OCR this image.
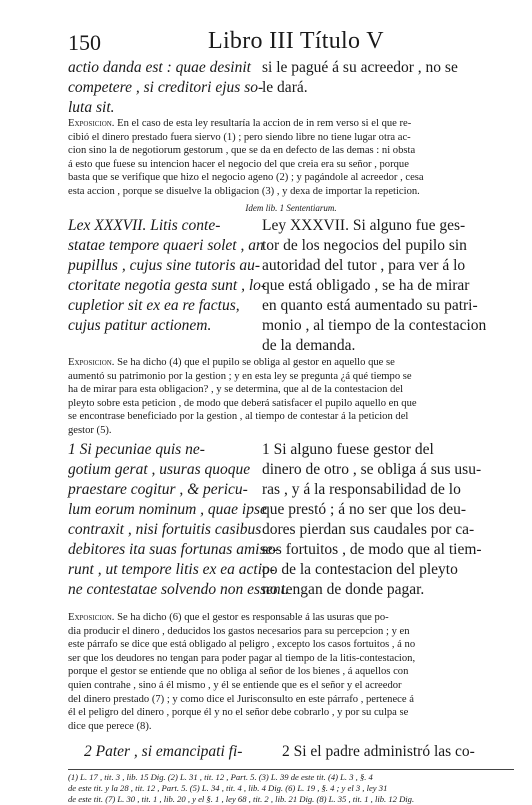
150	Libro III Título V
actio danda est : quae desinit
competere , si creditori ejus so-
luta sit.
si le pagué á su acreedor , no se
le dará.
Exposicion. En el caso de esta ley resultaría la accion de in rem verso si el que re-
cibió el dinero prestado fuera siervo (1) ; pero siendo libre no tiene lugar otra ac-
cion sino la de negotiorum gestorum , que se da en defecto de las demas : ni obsta
á esto que fuese su intencion hacer el negocio del que creia era su señor , porque
basta que se verifique que hizo el negocio ageno (2) ; y pagándole al acreedor , cesa
esta accion , porque se disuelve la obligacion (3) , y dexa de importar la repeticion.
Idem lib. 1 Sententiarum.
Lex XXXVII. Litis conte-
statae tempore quaeri solet , an
pupillus , cujus sine tutoris au-
ctoritate negotia gesta sunt , lo-
cupletior sit ex ea re factus,
cujus patitur actionem.
Ley XXXVII. Si alguno fue ges-
tor de los negocios del pupilo sin
autoridad del tutor , para ver á lo
que está obligado , se ha de mirar
en quanto está aumentado su patri-
monio , al tiempo de la contestacion
de la demanda.
Exposicion. Se ha dicho (4) que el pupilo se obliga al gestor en aquello que se
aumentó su patrimonio por la gestion ; y en esta ley se pregunta ¿á qué tiempo se
ha de mirar para esta obligacion? , y se determina, que al de la contestacion del
pleyto sobre esta peticion , de modo que deberá satisfacer el pupilo aquello en que
se encontrase beneficiado por la gestion , al tiempo de contestar á la peticion del
gestor (5).
1 Si pecuniae quis ne-
gotium gerat , usuras quoque
praestare cogitur , & pericu-
lum eorum nominum , quae ipse
contraxit , nisi fortuitis casibus
debitores ita suas fortunas amise-
runt , ut tempore litis ex ea actio-
ne contestatae solvendo non essent.
1 Si alguno fuese gestor del
dinero de otro , se obliga á sus usu-
ras , y á la responsabilidad de lo
que prestó ; á no ser que los deu-
dores pierdan sus caudales por ca-
sos fortuitos , de modo que al tiem-
po de la contestacion del pleyto
no tengan de donde pagar.
Exposicion. Se ha dicho (6) que el gestor es responsable á las usuras que po-
dia producir el dinero , deducidos los gastos necesarios para su percepcion ; y en
este párrafo se dice que está obligado al peligro , excepto los casos fortuitos , á no
ser que los deudores no tengan para poder pagar al tiempo de la litis-contestacion,
porque el gestor se entiende que no obliga al señor de los bienes , á aquellos con
quien contrahe , sino á él mismo , y él se entiende que es el señor y el acreedor
del dinero prestado (7) ; y como dice el Jurisconsulto en este párrafo , pertenece á
él el peligro del dinero , porque él y no el señor debe cobrarlo , y por su culpa se
dice que perece (8).
2 Pater , si emancipati fi-	2 Si el padre administró las co-
(1) L. 17 , tit. 3 , lib. 15 Dig. (2) L. 31 , tit. 12 , Part. 5. (3) L. 39 de este tit. (4) L. 3 , §. 4
de este tit. y la 28 , tit. 12 , Part. 5. (5) L. 34 , tit. 4 , lib. 4 Dig. (6) L. 19 , §. 4 ; y el 3 , ley 31
de este tit. (7) L. 30 , tit. 1 , lib. 20 , y el §. 1 , ley 68 , tit. 2 , lib. 21 Dig. (8) L. 35 , tit. 1 , lib. 12 Dig.
